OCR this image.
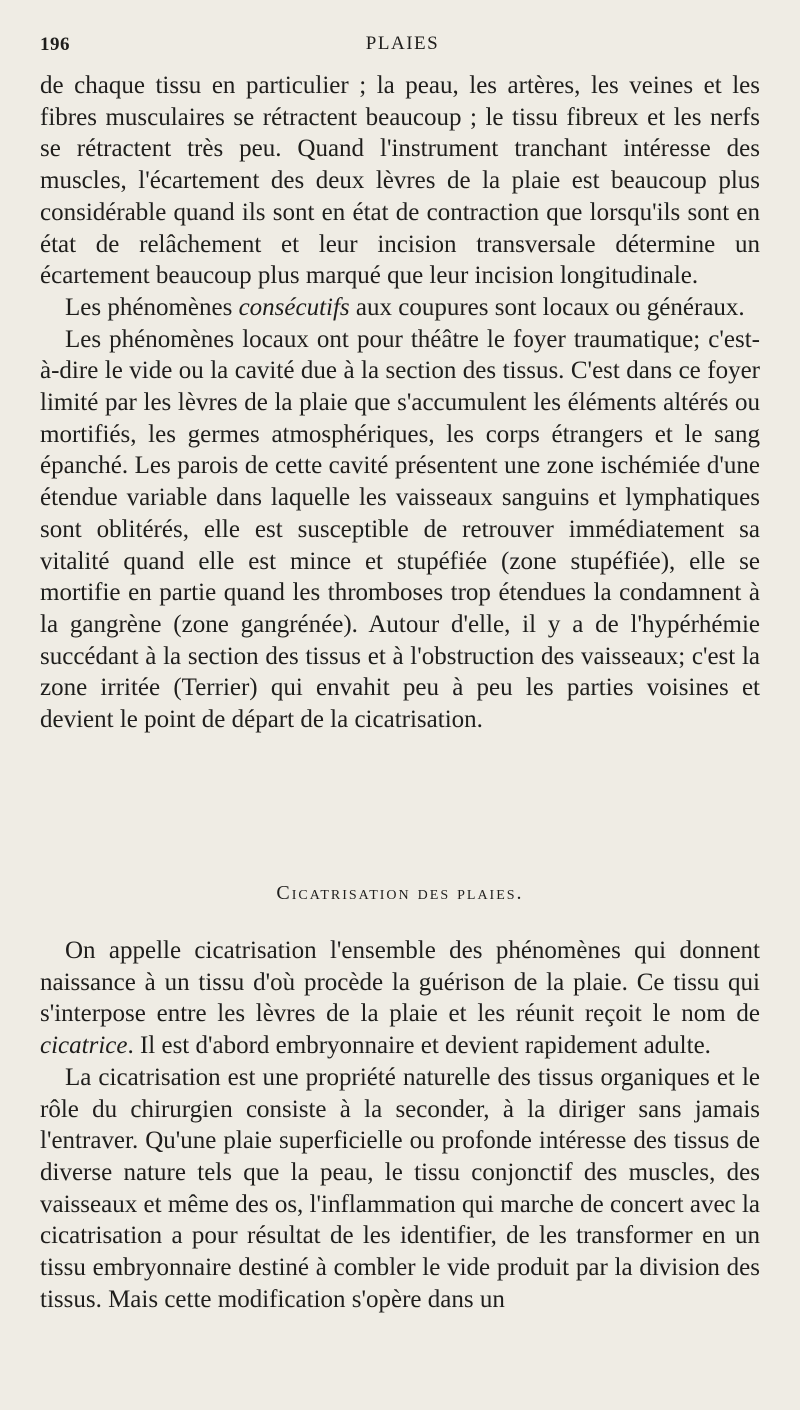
196	PLAIES

de chaque tissu en particulier ; la peau, les artères, les veines et les fibres musculaires se rétractent beaucoup ; le tissu fibreux et les nerfs se rétractent très peu. Quand l'instrument tranchant intéresse des muscles, l'écartement des deux lèvres de la plaie est beaucoup plus considérable quand ils sont en état de contraction que lorsqu'ils sont en état de relâchement et leur incision transversale détermine un écartement beaucoup plus marqué que leur incision longitudinale.

Les phénomènes consécutifs aux coupures sont locaux ou généraux.

Les phénomènes locaux ont pour théâtre le foyer traumatique; c'est-à-dire le vide ou la cavité due à la section des tissus. C'est dans ce foyer limité par les lèvres de la plaie que s'accumulent les éléments altérés ou mortifiés, les germes atmosphériques, les corps étrangers et le sang épanché. Les parois de cette cavité présentent une zone ischémiée d'une étendue variable dans laquelle les vaisseaux sanguins et lymphatiques sont oblitérés, elle est susceptible de retrouver immédiatement sa vitalité quand elle est mince et stupéfiée (zone stupéfiée), elle se mortifie en partie quand les thromboses trop étendues la condamnent à la gangrène (zone gangrénée). Autour d'elle, il y a de l'hypérhémie succédant à la section des tissus et à l'obstruction des vaisseaux; c'est la zone irritée (Terrier) qui envahit peu à peu les parties voisines et devient le point de départ de la cicatrisation.

Cicatrisation des plaies.

On appelle cicatrisation l'ensemble des phénomènes qui donnent naissance à un tissu d'où procède la guérison de la plaie. Ce tissu qui s'interpose entre les lèvres de la plaie et les réunit reçoit le nom de cicatrice. Il est d'abord embryonnaire et devient rapidement adulte.

La cicatrisation est une propriété naturelle des tissus organiques et le rôle du chirurgien consiste à la seconder, à la diriger sans jamais l'entraver. Qu'une plaie superficielle ou profonde intéresse des tissus de diverse nature tels que la peau, le tissu conjonctif des muscles, des vaisseaux et même des os, l'inflammation qui marche de concert avec la cicatrisation a pour résultat de les identifier, de les transformer en un tissu embryonnaire destiné à combler le vide produit par la division des tissus. Mais cette modification s'opère dans un
